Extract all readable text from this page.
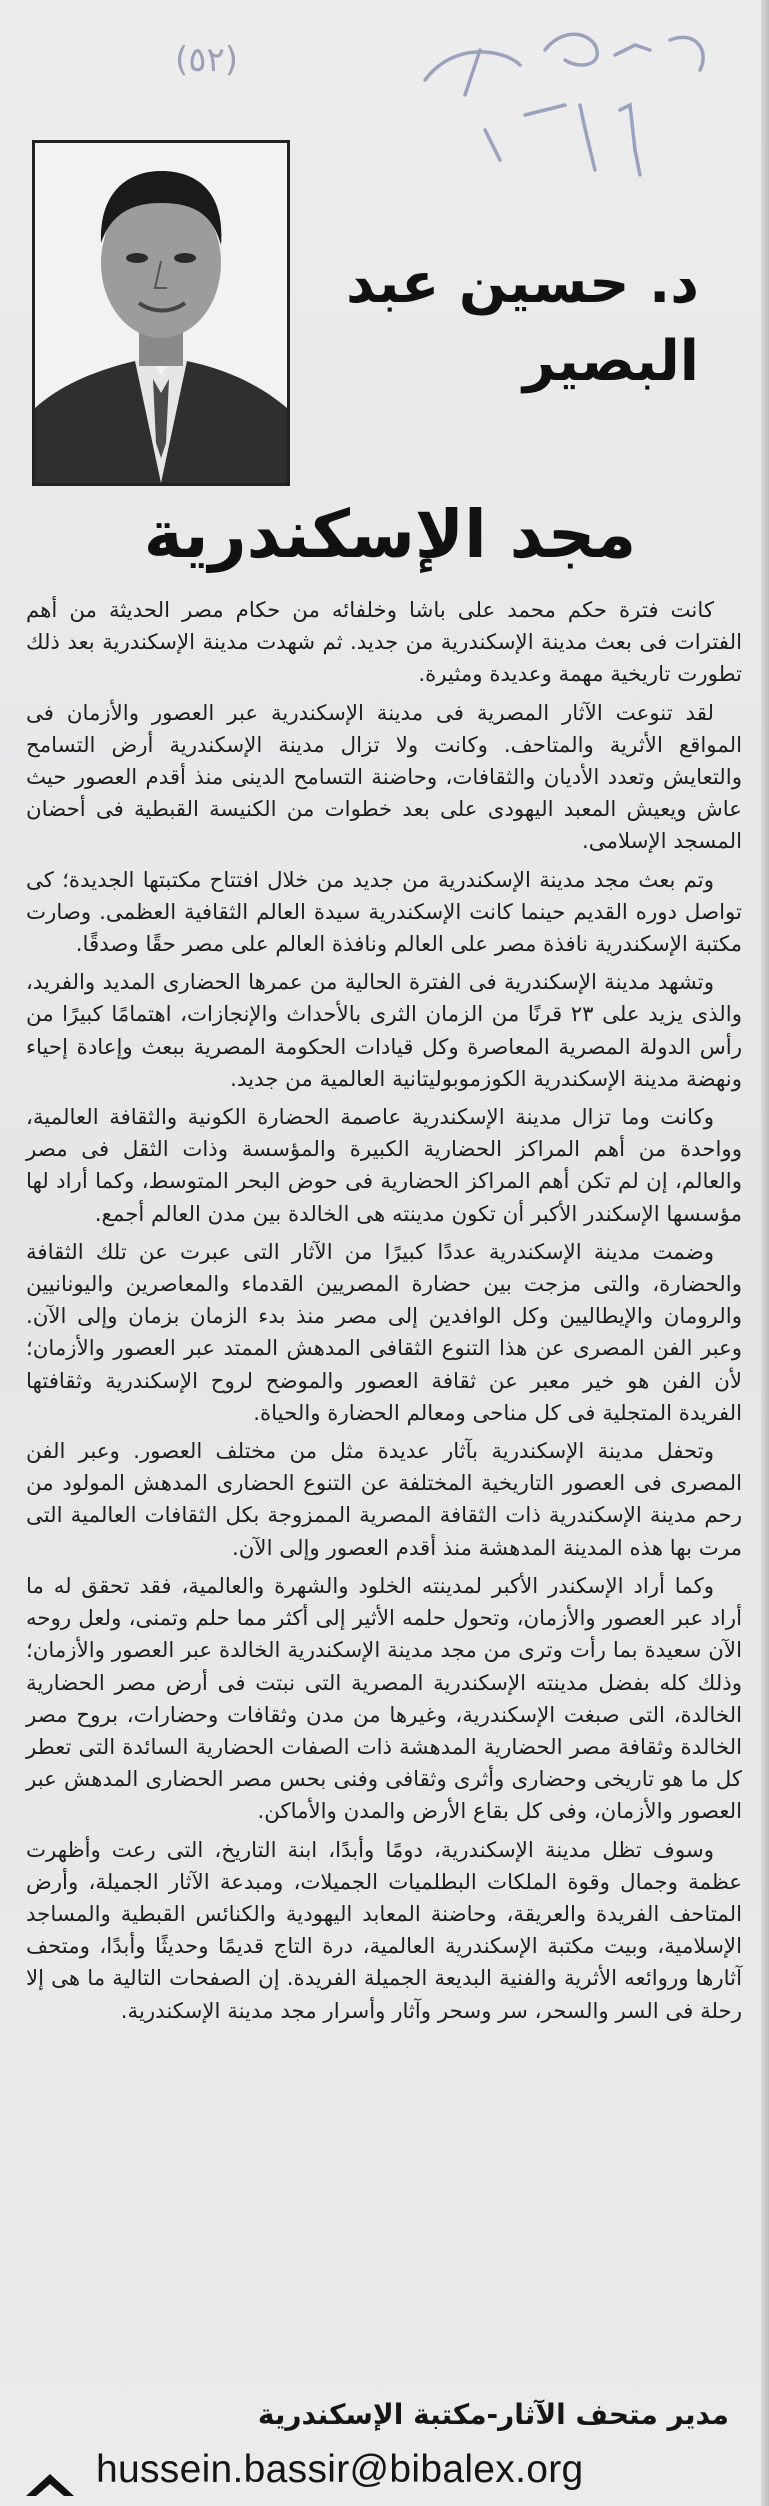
(٥٢)
د. حسين عبد
البصير
مجد الإسكندرية

كانت فترة حكم محمد على باشا وخلفائه من حكام مصر الحديثة من أهم الفترات فى بعث مدينة الإسكندرية من جديد. ثم شهدت مدينة الإسكندرية بعد ذلك تطورت تاريخية مهمة وعديدة ومثيرة.

لقد تنوعت الآثار المصرية فى مدينة الإسكندرية عبر العصور والأزمان فى المواقع الأثرية والمتاحف. وكانت ولا تزال مدينة الإسكندرية أرض التسامح والتعايش وتعدد الأديان والثقافات، وحاضنة التسامح الدينى منذ أقدم العصور حيث عاش ويعيش المعبد اليهودى على بعد خطوات من الكنيسة القبطية فى أحضان المسجد الإسلامى.

وتم بعث مجد مدينة الإسكندرية من جديد من خلال افتتاح مكتبتها الجديدة؛ كى تواصل دوره القديم حينما كانت الإسكندرية سيدة العالم الثقافية العظمى. وصارت مكتبة الإسكندرية نافذة مصر على العالم ونافذة العالم على مصر حقًا وصدقًا.

وتشهد مدينة الإسكندرية فى الفترة الحالية من عمرها الحضارى المديد والفريد، والذى يزيد على ٢٣ قرنًا من الزمان الثرى بالأحداث والإنجازات، اهتمامًا كبيرًا من رأس الدولة المصرية المعاصرة وكل قيادات الحكومة المصرية ببعث وإعادة إحياء ونهضة مدينة الإسكندرية الكوزموبوليتانية العالمية من جديد.

وكانت وما تزال مدينة الإسكندرية عاصمة الحضارة الكونية والثقافة العالمية، وواحدة من أهم المراكز الحضارية الكبيرة والمؤسسة وذات الثقل فى مصر والعالم، إن لم تكن أهم المراكز الحضارية فى حوض البحر المتوسط، وكما أراد لها مؤسسها الإسكندر الأكبر أن تكون مدينته هى الخالدة بين مدن العالم أجمع.

وضمت مدينة الإسكندرية عددًا كبيرًا من الآثار التى عبرت عن تلك الثقافة والحضارة، والتى مزجت بين حضارة المصريين القدماء والمعاصرين واليونانيين والرومان والإيطاليين وكل الوافدين إلى مصر منذ بدء الزمان بزمان وإلى الآن. وعبر الفن المصرى عن هذا التنوع الثقافى المدهش الممتد عبر العصور والأزمان؛ لأن الفن هو خير معبر عن ثقافة العصور والموضح لروح الإسكندرية وثقافتها الفريدة المتجلية فى كل مناحى ومعالم الحضارة والحياة.

وتحفل مدينة الإسكندرية بآثار عديدة مثل من مختلف العصور. وعبر الفن المصرى فى العصور التاريخية المختلفة عن التنوع الحضارى المدهش المولود من رحم مدينة الإسكندرية ذات الثقافة المصرية الممزوجة بكل الثقافات العالمية التى مرت بها هذه المدينة المدهشة منذ أقدم العصور وإلى الآن.

وكما أراد الإسكندر الأكبر لمدينته الخلود والشهرة والعالمية، فقد تحقق له ما أراد عبر العصور والأزمان، وتحول حلمه الأثير إلى أكثر مما حلم وتمنى، ولعل روحه الآن سعيدة بما رأت وترى من مجد مدينة الإسكندرية الخالدة عبر العصور والأزمان؛ وذلك كله بفضل مدينته الإسكندرية المصرية التى نبتت فى أرض مصر الحضارية الخالدة، التى صبغت الإسكندرية، وغيرها من مدن وثقافات وحضارات، بروح مصر الخالدة وثقافة مصر الحضارية المدهشة ذات الصفات الحضارية السائدة التى تعطر كل ما هو تاريخى وحضارى وأثرى وثقافى وفنى بحس مصر الحضارى المدهش عبر العصور والأزمان، وفى كل بقاع الأرض والمدن والأماكن.

وسوف تظل مدينة الإسكندرية، دومًا وأبدًا، ابنة التاريخ، التى رعت وأظهرت عظمة وجمال وقوة الملكات البطلميات الجميلات، ومبدعة الآثار الجميلة، وأرض المتاحف الفريدة والعريقة، وحاضنة المعابد اليهودية والكنائس القبطية والمساجد الإسلامية، وبيت مكتبة الإسكندرية العالمية، درة التاج قديمًا وحديثًا وأبدًا، ومتحف آثارها وروائعه الأثرية والفنية البديعة الجميلة الفريدة. إن الصفحات التالية ما هى إلا رحلة فى السر والسحر، سر وسحر وآثار وأسرار مجد مدينة الإسكندرية.

مدير متحف الآثار-مكتبة الإسكندرية
hussein.bassir@bibalex.org
